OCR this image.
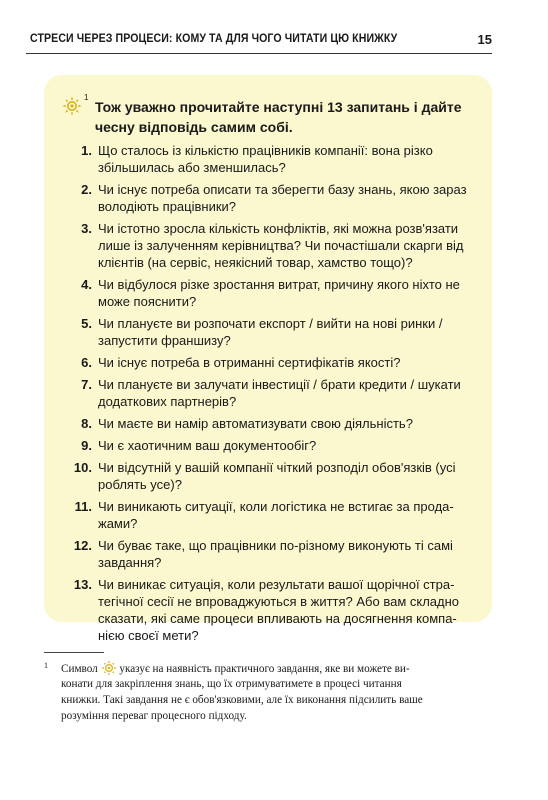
СТРЕСИ ЧЕРЕЗ ПРОЦЕСИ: КОМУ ТА ДЛЯ ЧОГО ЧИТАТИ ЦЮ КНИЖКУ	15
1
Тож уважно прочитайте наступні 13 запитань і дайте
чесну відповідь самим собі.
1. Що сталось із кількістю працівників компанії: вона різко
збільшилась або зменшилась?
2. Чи існує потреба описати та зберегти базу знань, якою зараз
володіють працівники?
3. Чи істотно зросла кількість конфліктів, які можна розв'язати
лише із залученням керівництва? Чи почастішали скарги від
клієнтів (на сервіс, неякісний товар, хамство тощо)?
4. Чи відбулося різке зростання витрат, причину якого ніхто не
може пояснити?
5. Чи плануєте ви розпочати експорт / вийти на нові ринки /
запустити франшизу?
6. Чи існує потреба в отриманні сертифікатів якості?
7. Чи плануєте ви залучати інвестиції / брати кредити / шукати
додаткових партнерів?
8. Чи маєте ви намір автоматизувати свою діяльність?
9. Чи є хаотичним ваш документообіг?
10. Чи відсутній у вашій компанії чіткий розподіл обов'язків (усі
роблять усе)?
11. Чи виникають ситуації, коли логістика не встигає за прода-
жами?
12. Чи буває таке, що працівники по-різному виконують ті самі
завдання?
13. Чи виникає ситуація, коли результати вашої щорічної стра-
тегічної сесії не впроваджуються в життя? Або вам складно
сказати, які саме процеси впливають на досягнення компа-
нією своєї мети?
1 Символ указує на наявність практичного завдання, яке ви можете ви-
конати для закріплення знань, що їх отримуватимете в процесі читання
книжки. Такі завдання не є обов'язковими, але їх виконання підсилить ваше
розуміння переваг процесного підходу.
